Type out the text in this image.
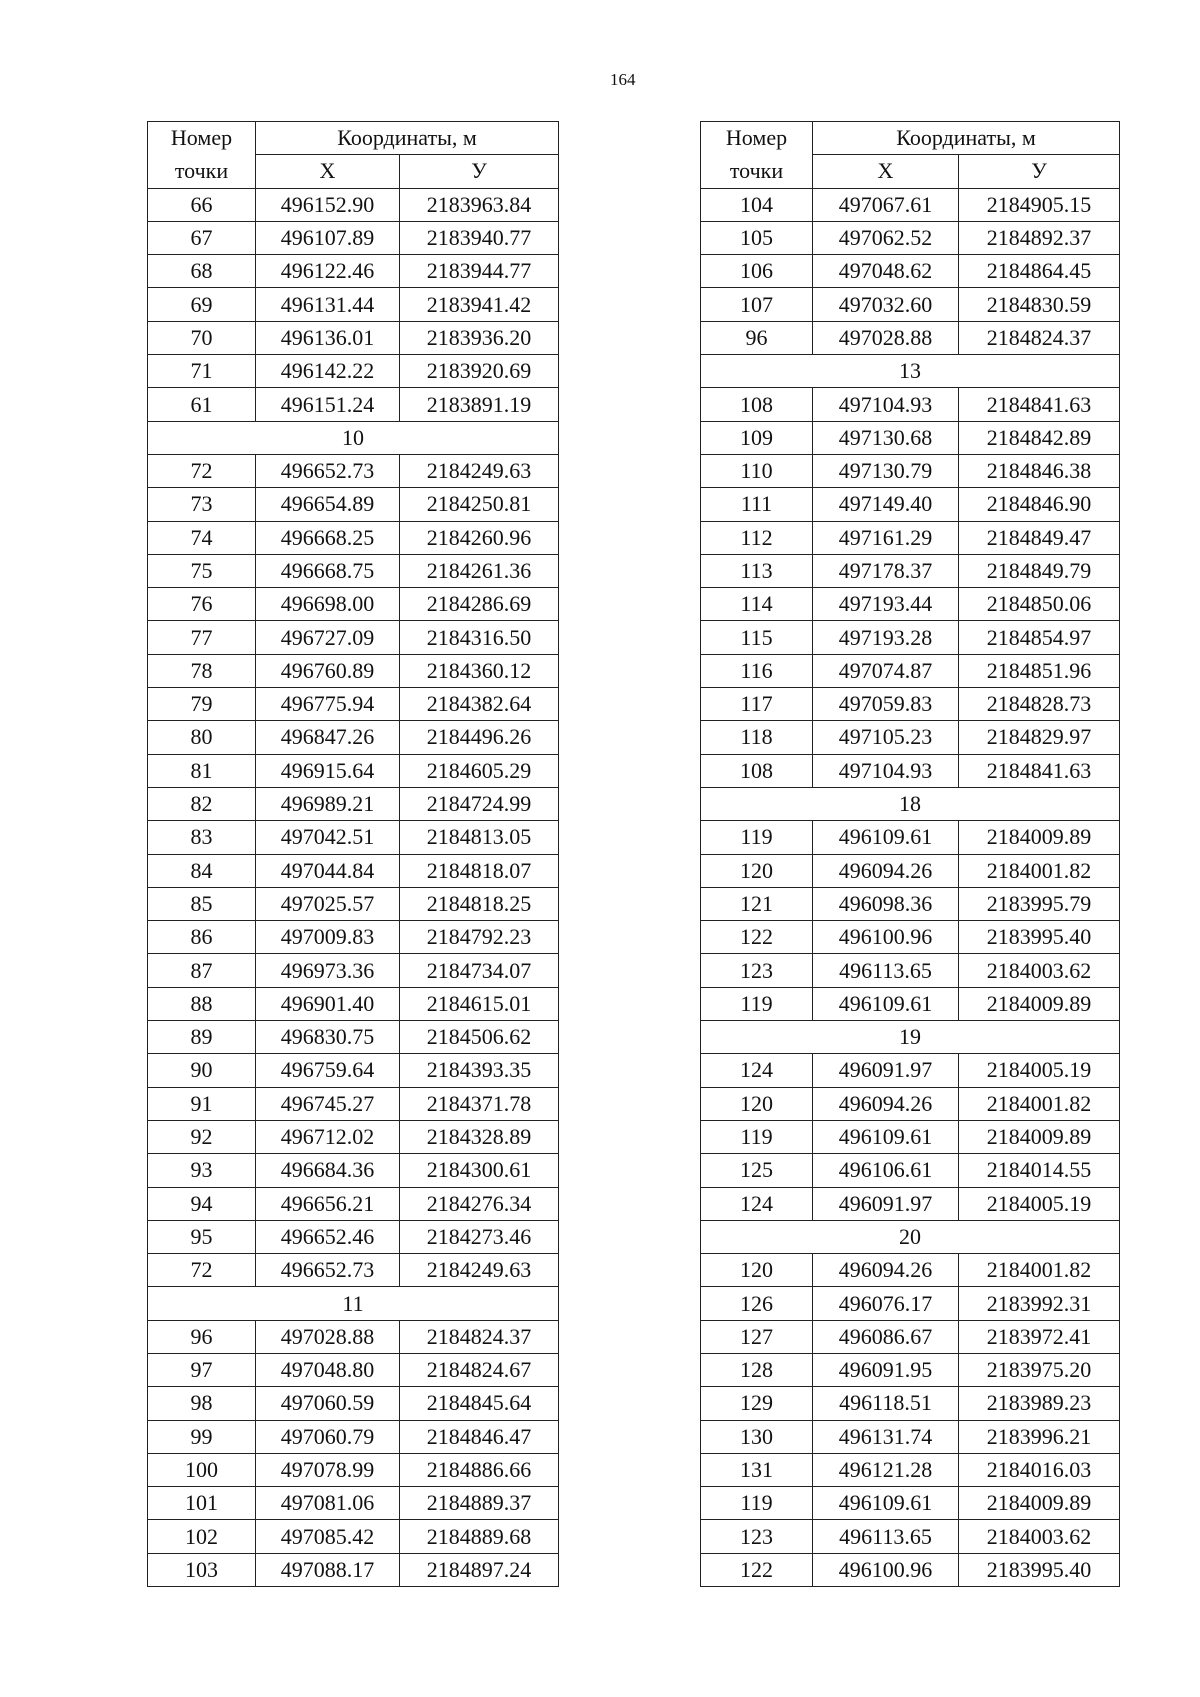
164
Номер	Координаты, м	
точки	Х	У
66	496152.90	2183963.84
67	496107.89	2183940.77
68	496122.46	2183944.77
69	496131.44	2183941.42
70	496136.01	2183936.20
71	496142.22	2183920.69
61	496151.24	2183891.19
10		
72	496652.73	2184249.63
73	496654.89	2184250.81
74	496668.25	2184260.96
75	496668.75	2184261.36
76	496698.00	2184286.69
77	496727.09	2184316.50
78	496760.89	2184360.12
79	496775.94	2184382.64
80	496847.26	2184496.26
81	496915.64	2184605.29
82	496989.21	2184724.99
83	497042.51	2184813.05
84	497044.84	2184818.07
85	497025.57	2184818.25
86	497009.83	2184792.23
87	496973.36	2184734.07
88	496901.40	2184615.01
89	496830.75	2184506.62
90	496759.64	2184393.35
91	496745.27	2184371.78
92	496712.02	2184328.89
93	496684.36	2184300.61
94	496656.21	2184276.34
95	496652.46	2184273.46
72	496652.73	2184249.63
11		
96	497028.88	2184824.37
97	497048.80	2184824.67
98	497060.59	2184845.64
99	497060.79	2184846.47
100	497078.99	2184886.66
101	497081.06	2184889.37
102	497085.42	2184889.68
103	497088.17	2184897.24
Номер	Координаты, м	
точки	Х	У
104	497067.61	2184905.15
105	497062.52	2184892.37
106	497048.62	2184864.45
107	497032.60	2184830.59
96	497028.88	2184824.37
13		
108	497104.93	2184841.63
109	497130.68	2184842.89
110	497130.79	2184846.38
111	497149.40	2184846.90
112	497161.29	2184849.47
113	497178.37	2184849.79
114	497193.44	2184850.06
115	497193.28	2184854.97
116	497074.87	2184851.96
117	497059.83	2184828.73
118	497105.23	2184829.97
108	497104.93	2184841.63
18		
119	496109.61	2184009.89
120	496094.26	2184001.82
121	496098.36	2183995.79
122	496100.96	2183995.40
123	496113.65	2184003.62
119	496109.61	2184009.89
19		
124	496091.97	2184005.19
120	496094.26	2184001.82
119	496109.61	2184009.89
125	496106.61	2184014.55
124	496091.97	2184005.19
20		
120	496094.26	2184001.82
126	496076.17	2183992.31
127	496086.67	2183972.41
128	496091.95	2183975.20
129	496118.51	2183989.23
130	496131.74	2183996.21
131	496121.28	2184016.03
119	496109.61	2184009.89
123	496113.65	2184003.62
122	496100.96	2183995.40
